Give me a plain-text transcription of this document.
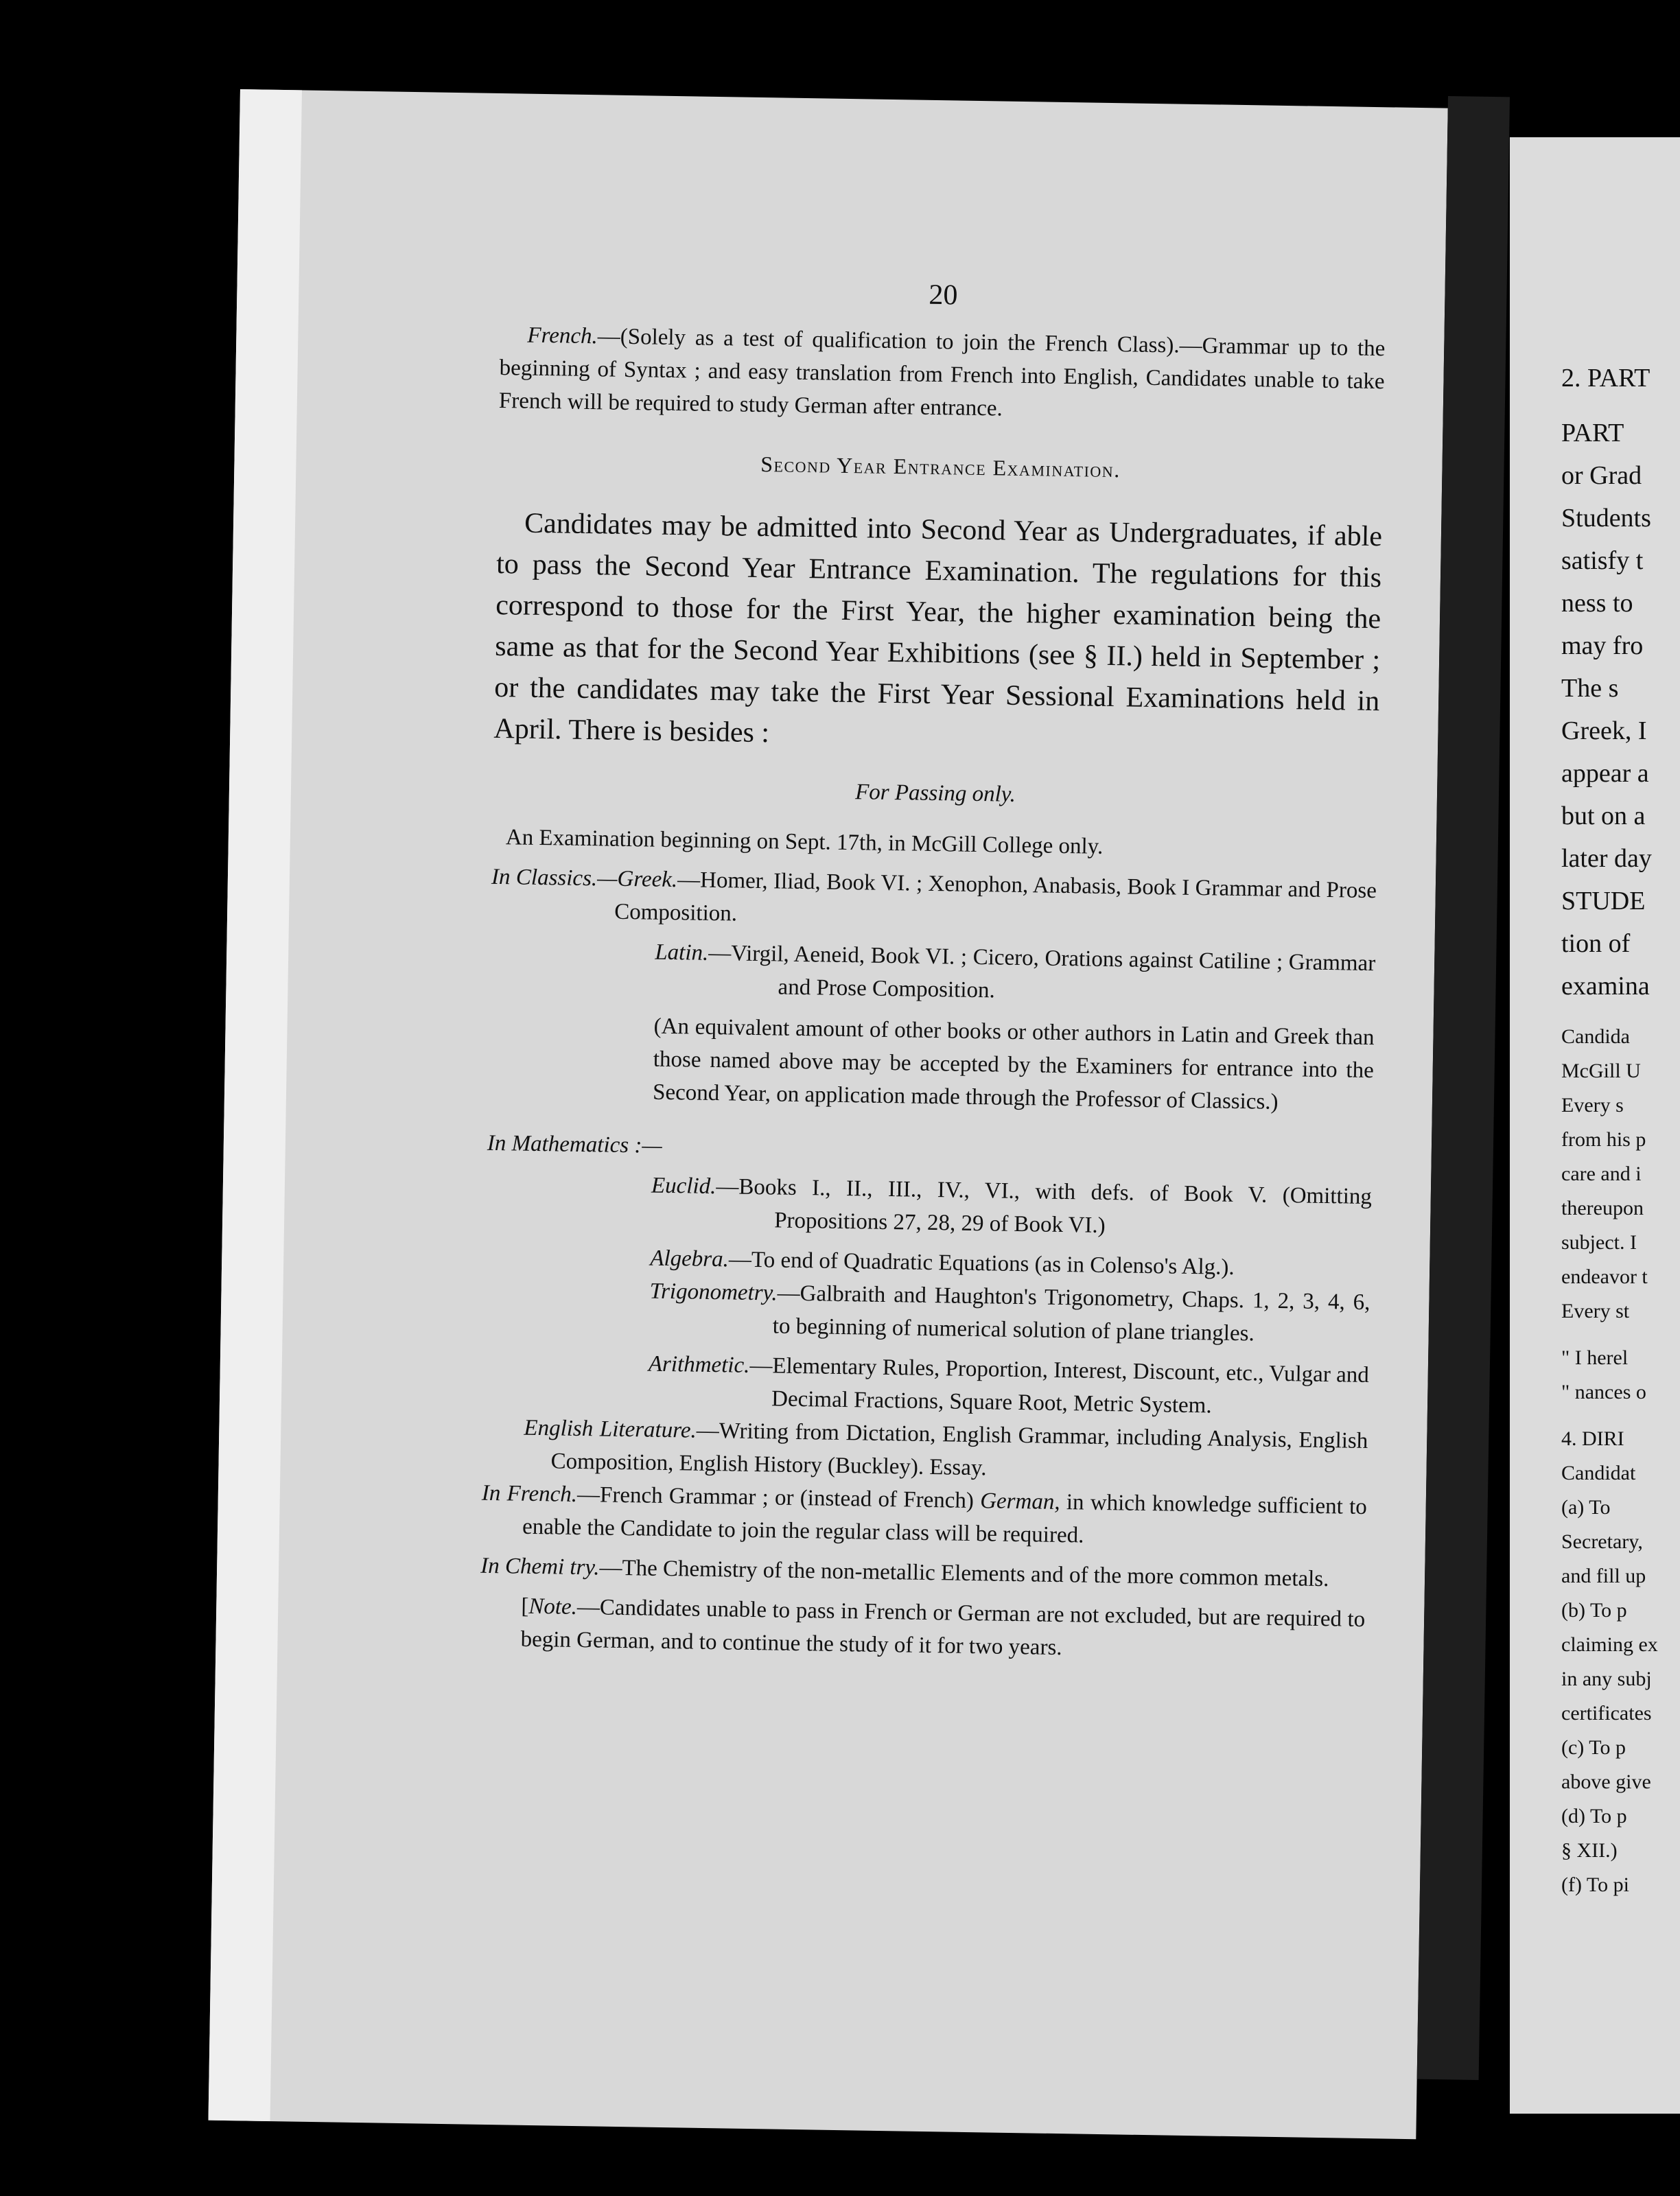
20

French.—(Solely as a test of qualification to join the French Class).—Grammar up to the beginning of Syntax ; and easy translation from French into English, Candidates unable to take French will be required to study German after entrance.

Second Year Entrance Examination.

Candidates may be admitted into Second Year as Undergraduates, if able to pass the Second Year Entrance Examination. The regulations for this correspond to those for the First Year, the higher examination being the same as that for the Second Year Exhibitions (see § II.) held in September ; or the candidates may take the First Year Sessional Examinations held in April. There is besides :

For Passing only.

An Examination beginning on Sept. 17th, in McGill College only.

In Classics.—Greek.—Homer, Iliad, Book VI. ; Xenophon, Anabasis, Book I Grammar and Prose Composition.

Latin.—Virgil, Aeneid, Book VI. ; Cicero, Orations against Catiline ; Grammar and Prose Composition.

(An equivalent amount of other books or other authors in Latin and Greek than those named above may be accepted by the Examiners for entrance into the Second Year, on application made through the Professor of Classics.)

In Mathematics :—

Euclid.—Books I., II., III., IV., VI., with defs. of Book V. (Omitting Propositions 27, 28, 29 of Book VI.)

Algebra.—To end of Quadratic Equations (as in Colenso's Alg.).

Trigonometry.—Galbraith and Haughton's Trigonometry, Chaps. 1, 2, 3, 4, 6, to beginning of numerical solution of plane triangles.

Arithmetic.—Elementary Rules, Proportion, Interest, Discount, etc., Vulgar and Decimal Fractions, Square Root, Metric System.

English Literature.—Writing from Dictation, English Grammar, including Analysis, English Composition, English History (Buckley). Essay.

In French.—French Grammar ; or (instead of French) German, in which knowledge sufficient to enable the Candidate to join the regular class will be required.

In Chemi try.—The Chemistry of the non-metallic Elements and of the more common metals.

[Note.—Candidates unable to pass in French or German are not excluded, but are required to begin German, and to continue the study of it for two years.

2. PART
PART
or Grad
Students
satisfy t
ness to
may fro
The s
Greek, I
appear a
but on a
later day
STUDE
tion of
examina
Candida
McGill U
Every s
from his p
care and i
thereupon
subject. I
endeavor t
Every st
" I herel
" nances o
4. DIRI
Candidat
(a) To
Secretary,
and fill up
(b) To p
claiming ex
in any subj
certificates
(c) To p
above give
(d) To p
§ XII.)
(f) To pi
